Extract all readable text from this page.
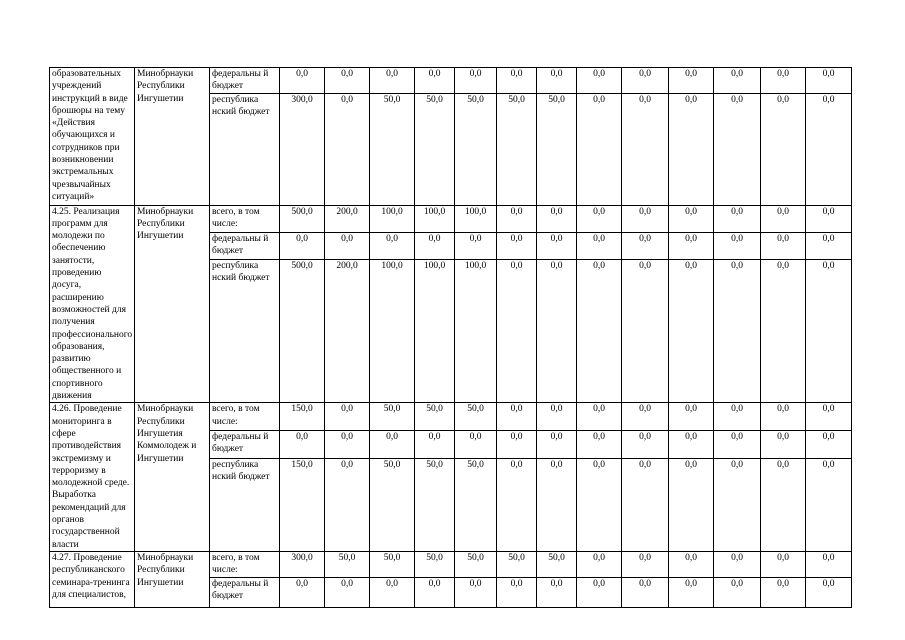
образовательных учреждений инструкций в виде брошюры на тему «Действия обучающихся и сотрудников при возникновении экстремальных чрезвычайных ситуаций»	Минобрнауки Республики Ингушетии	федеральны й бюджет	0,0	0,0	0,0	0,0	0,0	0,0	0,0	0,0	0,0	0,0	0,0	0,0	0,0
		республика нский бюджет	300,0	0,0	50,0	50,0	50,0	50,0	50,0	0,0	0,0	0,0	0,0	0,0	0,0
4.25. Реализация программ для молодежи по обеспечению занятости, проведению досуга, расширению возможностей для получения профессионального образования, развитию общественного и спортивного движения	Минобрнауки Республики Ингушетии	всего, в том числе:	500,0	200,0	100,0	100,0	100,0	0,0	0,0	0,0	0,0	0,0	0,0	0,0	0,0
		федеральны й бюджет	0,0	0,0	0,0	0,0	0,0	0,0	0,0	0,0	0,0	0,0	0,0	0,0	0,0
		республика нский бюджет	500,0	200,0	100,0	100,0	100,0	0,0	0,0	0,0	0,0	0,0	0,0	0,0	0,0
4.26. Проведение мониторинга в сфере противодействия экстремизму и терроризму в молодежной среде. Выработка рекомендаций для органов государственной власти	Минобрнауки Республики Ингушетия Коммолодеж и Ингушетии	всего, в том числе:	150,0	0,0	50,0	50,0	50,0	0,0	0,0	0,0	0,0	0,0	0,0	0,0	0,0
		федеральны й бюджет	0,0	0,0	0,0	0,0	0,0	0,0	0,0	0,0	0,0	0,0	0,0	0,0	0,0
		республика нский бюджет	150,0	0,0	50,0	50,0	50,0	0,0	0,0	0,0	0,0	0,0	0,0	0,0	0,0
4.27. Проведение республиканского семинара-тренинга для специалистов,	Минобрнауки Республики Ингушетии	всего, в том числе:	300,0	50,0	50,0	50,0	50,0	50,0	50,0	0,0	0,0	0,0	0,0	0,0	0,0
		федеральны й бюджет	0,0	0,0	0,0	0,0	0,0	0,0	0,0	0,0	0,0	0,0	0,0	0,0	0,0
